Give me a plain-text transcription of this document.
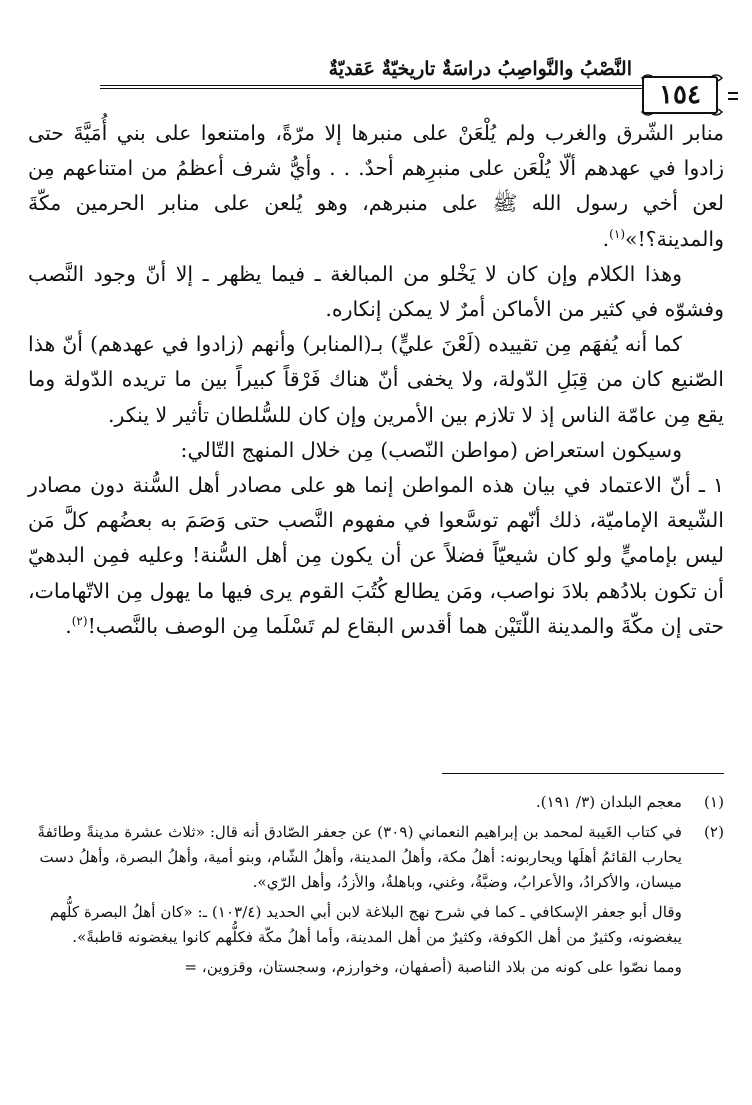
النَّصْبُ والنَّواصِبُ دراسَةٌ تاريخيّةٌ عَقديّةٌ
١٥٤

منابر الشّرق والغرب ولم يُلْعَنْ على منبرها إلا مرّةً، وامتنعوا على بني أُمَيَّةَ حتى زادوا في عهدهم ألّا يُلْعَن على منبرِهم أحدٌ. . . وأيُّ شرف أعظمُ من امتناعهم مِن لعن أخي رسول الله ﷺ على منبرهم، وهو يُلعن على منابر الحرمين مكّةَ والمدينة؟!»$^{(١)}$.

وهذا الكلام وإن كان لا يَخْلو من المبالغة ـ فيما يظهر ـ إلا أنّ وجود النَّصب وفشوّه في كثير من الأماكن أمرٌ لا يمكن إنكاره.

كما أنه يُفهَم مِن تقييده (لَعْنَ عليٍّ) بـ(المنابر) وأنهم (زادوا في عهدهم) أنّ هذا الصّنيع كان من قِبَلِ الدّولة، ولا يخفى أنّ هناك فَرْقاً كبيراً بين ما تريده الدّولة وما يقع مِن عامّة الناس إذ لا تلازم بين الأمرين وإن كان للسُّلطان تأثير لا ينكر.

وسيكون استعراض (مواطن النّصب) مِن خلال المنهج التّالي:

١ ـ أنّ الاعتماد في بيان هذه المواطن إنما هو على مصادر أهل السُّنة دون مصادر الشّيعة الإماميّة، ذلك أنّهم توسَّعوا في مفهوم النَّصب حتى وَصَمَ به بعضُهم كلَّ مَن ليس بإماميٍّ ولو كان شيعيّاً فضلاً عن أن يكون مِن أهل السُّنة! وعليه فمِن البدهيّ أن تكون بلادُهم بلادَ نواصب، ومَن يطالع كُتُبَ القوم يرى فيها ما يهول مِن الاتّهامات، حتى إن مكّةَ والمدينة اللّتَيْن هما أقدس البقاع لم تَسْلَما مِن الوصف بالنَّصب!$^{(٢)}$.

(١)
معجم البلدان (٣/ ١٩١).
(٢)
في كتاب الغَيبة لمحمد بن إبراهيم النعماني (٣٠٩) عن جعفر الصّادق أنه قال: «ثلاث عشرة مدينةً وطائفةً يحارب القائمُ أهلَها ويحاربونه: أهلُ مكة، وأهلُ المدينة، وأهلُ الشّام، وبنو أمية، وأهلُ البصرة، وأهلُ دست ميسان، والأكرادُ، والأعرابُ، وضبَّةُ، وغني، وباهلةُ، والأزدُ، وأهل الرّي».
وقال أبو جعفر الإسكافي ـ كما في شرح نهج البلاغة لابن أبي الحديد (١٠٣/٤) ـ: «كان أهلُ البصرة كلُّهم يبغضونه، وكثيرٌ من أهل الكوفة، وكثيرٌ من أهل المدينة، وأما أهلُ مكّة فكلُّهم كانوا يبغضونه قاطبةً».
ومما نصّوا على كونه من بلاد الناصبة (أصفهان، وخوارزم، وسجستان، وقزوين، =
